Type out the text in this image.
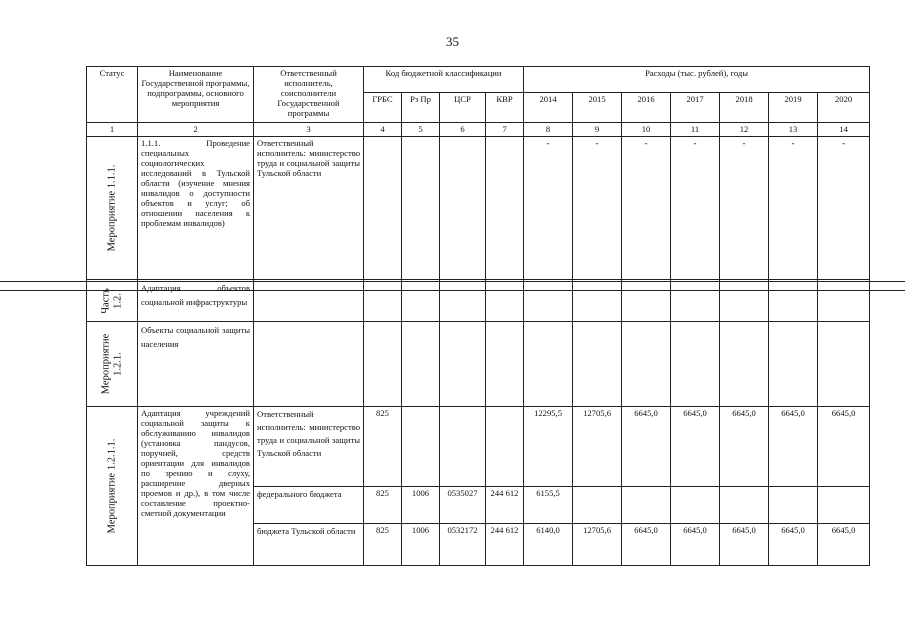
35
Статус	Наименование Государственной программы, подпрограммы, основного мероприятия	Ответственный исполнитель, соисполнители Государственной программы	Код бюджетной классификации				Расходы (тыс. рублей), годы							
			ГРБС	Рз Пр	ЦСР	КВР	2014	2015	2016	2017	2018	2019	2020	
1	2	3	4	5	6	7	8	9	10	11	12	13	14	

Мероприятие 1.1.1.	1.1.1. Проведение специальных социологических исследований в Тульской области (изучение мнения инвалидов о доступности объектов и услуг; об отношении населения к проблемам инвалидов)	Ответственный исполнитель: министерство труда и социальной защиты Тульской области					-	-	-	-	-	-	-	

Часть
1.2.	Адаптация объектов социальной инфраструктуры													

Мероприятие
1.2.1.	Объекты социальной защиты населения													

Мероприятие 1.2.1.1.	Адаптация учреждений социальной защиты к обслуживанию инвалидов (установка пандусов, поручней, средств ориентации для инвалидов по зрению и слуху, расширение дверных проемов и др.), в том числе составление проектно-сметной документации	Ответственный исполнитель: министерство труда и социальной защиты Тульской области	825				12295,5	12705,6	6645,0	6645,0	6645,0	6645,0	6645,0	
		федерального бюджета	825	1006	0535027	244 612	6155,5							
		бюджета Тульской области	825	1006	0532172	244 612	6140,0	12705,6	6645,0	6645,0	6645,0	6645,0	6645,0	
